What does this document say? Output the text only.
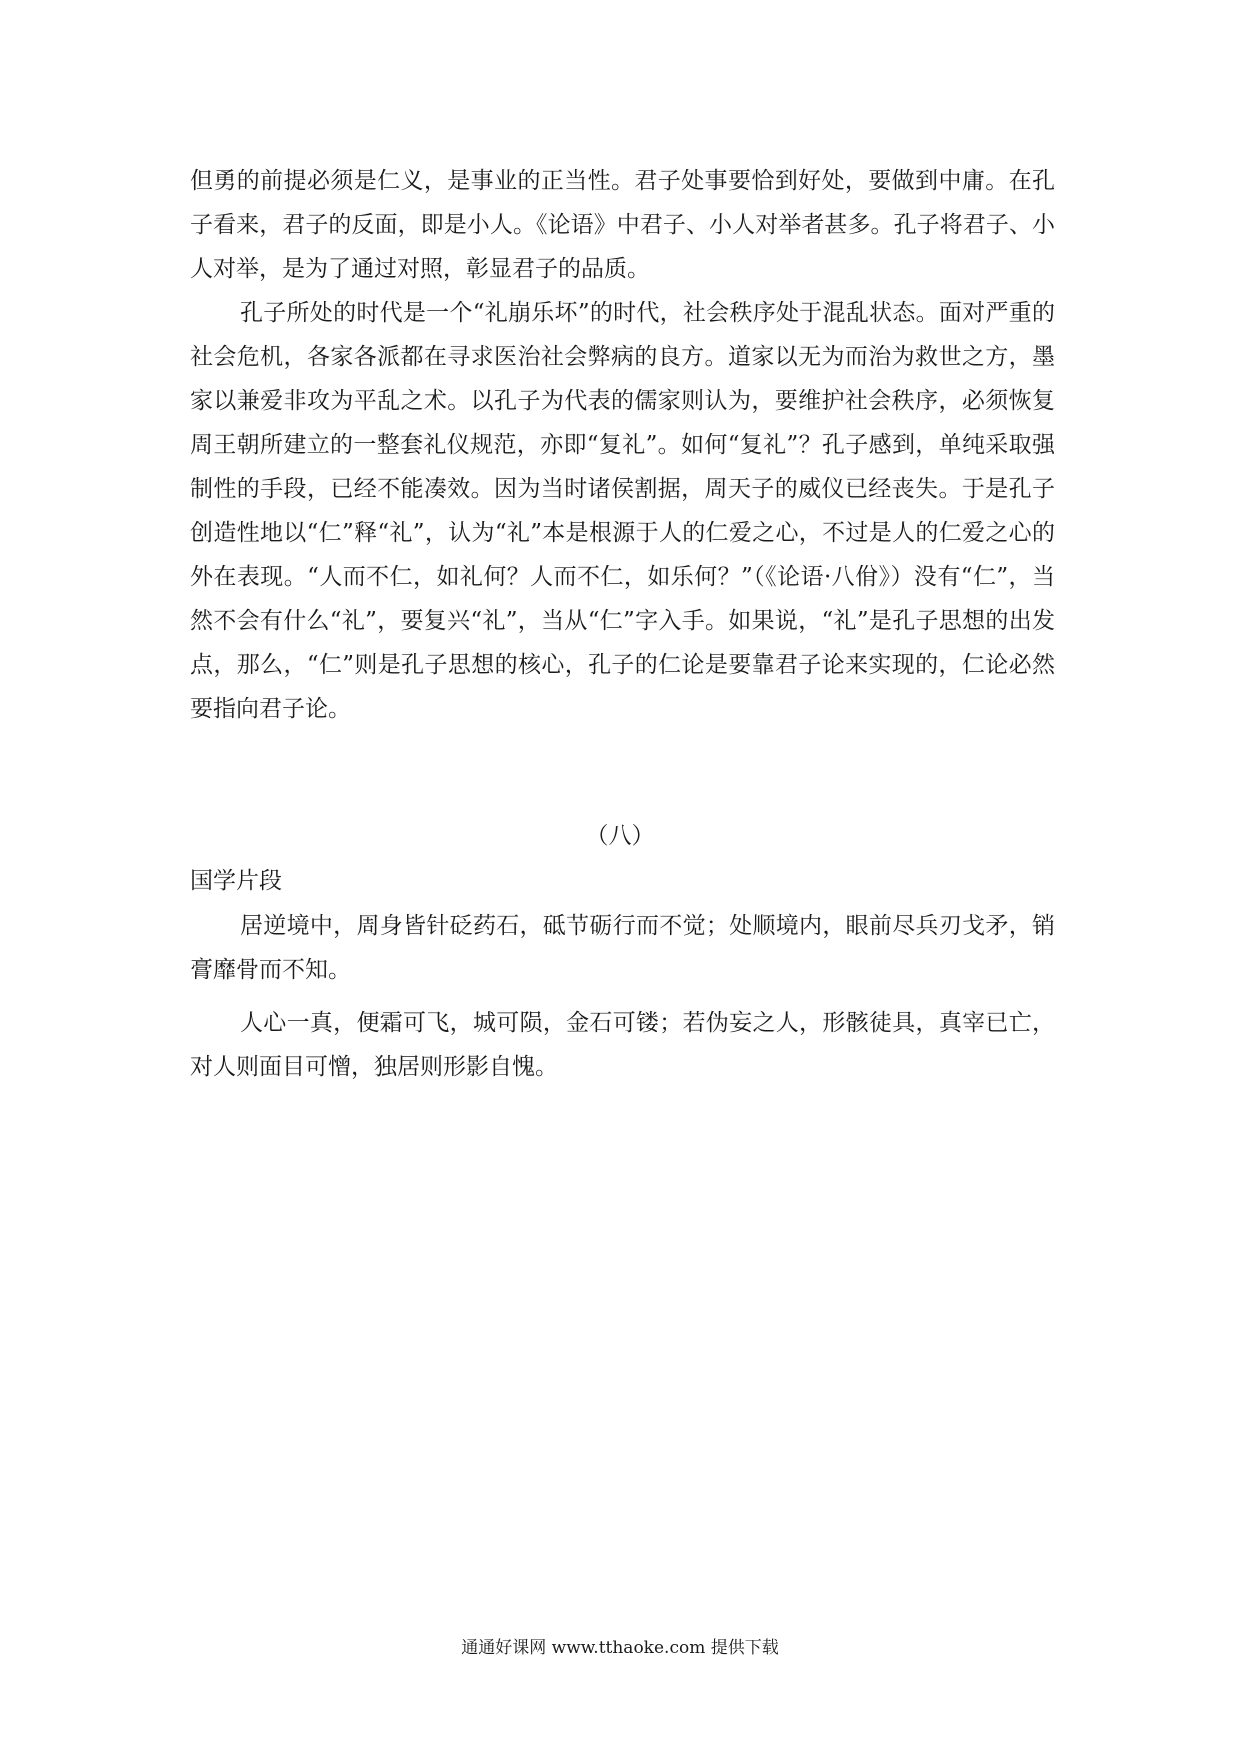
但勇的前提必须是仁义，是事业的正当性。君子处事要恰到好处，要做到中庸。在孔子看来，君子的反面，即是小人。《论语》中君子、小人对举者甚多。孔子将君子、小人对举，是为了通过对照，彰显君子的品质。

孔子所处的时代是一个“礼崩乐坏”的时代，社会秩序处于混乱状态。面对严重的社会危机，各家各派都在寻求医治社会弊病的良方。道家以无为而治为救世之方，墨家以兼爱非攻为平乱之术。以孔子为代表的儒家则认为，要维护社会秩序，必须恢复周王朝所建立的一整套礼仪规范，亦即“复礼”。如何“复礼”？孔子感到，单纯采取强制性的手段，已经不能凑效。因为当时诸侯割据，周天子的威仪已经丧失。于是孔子创造性地以“仁”释“礼”，认为“礼”本是根源于人的仁爱之心，不过是人的仁爱之心的外在表现。“人而不仁，如礼何？人而不仁，如乐何？”（《论语·八佾》）没有“仁”，当然不会有什么“礼”，要复兴“礼”，当从“仁”字入手。如果说，“礼”是孔子思想的出发点，那么，“仁”则是孔子思想的核心，孔子的仁论是要靠君子论来实现的，仁论必然要指向君子论。

（八）

国学片段

居逆境中，周身皆针砭药石，砥节砺行而不觉；处顺境内，眼前尽兵刃戈矛，销膏靡骨而不知。

人心一真，便霜可飞，城可陨，金石可镂；若伪妄之人，形骸徒具，真宰已亡，对人则面目可憎，独居则形影自愧。

通通好课网 www.tthaoke.com 提供下载
